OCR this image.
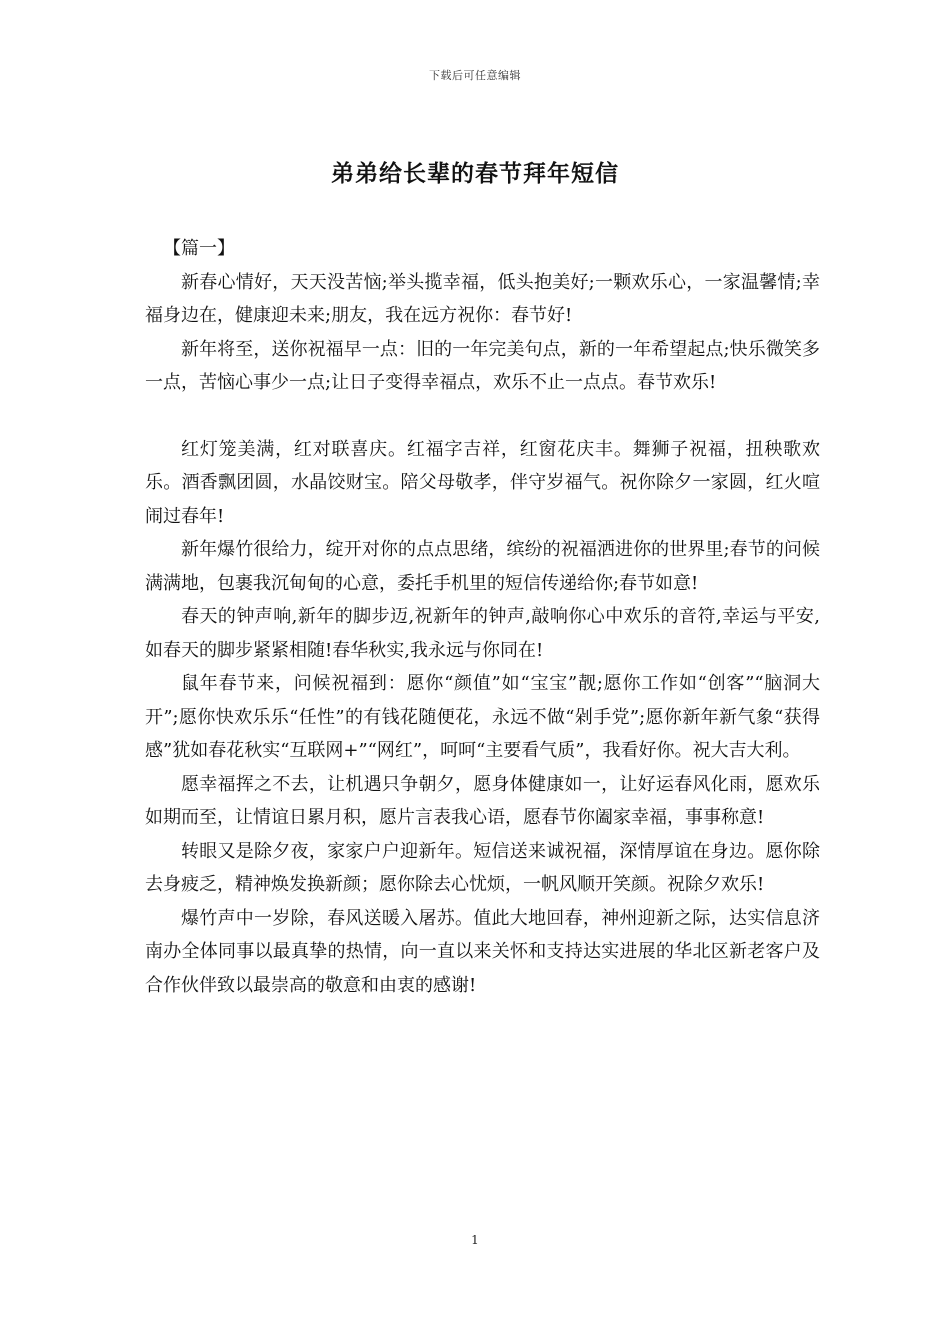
下载后可任意编辑
弟弟给长辈的春节拜年短信

【篇一】

新春心情好，天天没苦恼;举头揽幸福，低头抱美好;一颗欢乐心，一家温馨情;幸福身边在，健康迎未来;朋友，我在远方祝你：春节好!

新年将至，送你祝福早一点：旧的一年完美句点，新的一年希望起点;快乐微笑多一点，苦恼心事少一点;让日子变得幸福点，欢乐不止一点点。春节欢乐!

红灯笼美满，红对联喜庆。红福字吉祥，红窗花庆丰。舞狮子祝福，扭秧歌欢乐。酒香飘团圆，水晶饺财宝。陪父母敬孝，伴守岁福气。祝你除夕一家圆，红火喧闹过春年!

新年爆竹很给力，绽开对你的点点思绪，缤纷的祝福洒进你的世界里;春节的问候满满地，包裹我沉甸甸的心意，委托手机里的短信传递给你;春节如意!

春天的钟声响,新年的脚步迈,祝新年的钟声,敲响你心中欢乐的音符,幸运与平安,如春天的脚步紧紧相随!春华秋实,我永远与你同在!

鼠年春节来，问候祝福到：愿你“颜值”如“宝宝”靓;愿你工作如“创客”“脑洞大开”;愿你快欢乐乐“任性”的有钱花随便花，永远不做“剁手党”;愿你新年新气象“获得感”犹如春花秋实“互联网+”“网红”，呵呵“主要看气质”，我看好你。祝大吉大利。

愿幸福挥之不去，让机遇只争朝夕，愿身体健康如一，让好运春风化雨，愿欢乐如期而至，让情谊日累月积，愿片言表我心语，愿春节你阖家幸福，事事称意!

转眼又是除夕夜，家家户户迎新年。短信送来诚祝福，深情厚谊在身边。愿你除去身疲乏，精神焕发换新颜；愿你除去心忧烦，一帆风顺开笑颜。祝除夕欢乐!

爆竹声中一岁除，春风送暖入屠苏。值此大地回春，神州迎新之际，达实信息济南办全体同事以最真挚的热情，向一直以来关怀和支持达实进展的华北区新老客户及合作伙伴致以最崇高的敬意和由衷的感谢!

1
